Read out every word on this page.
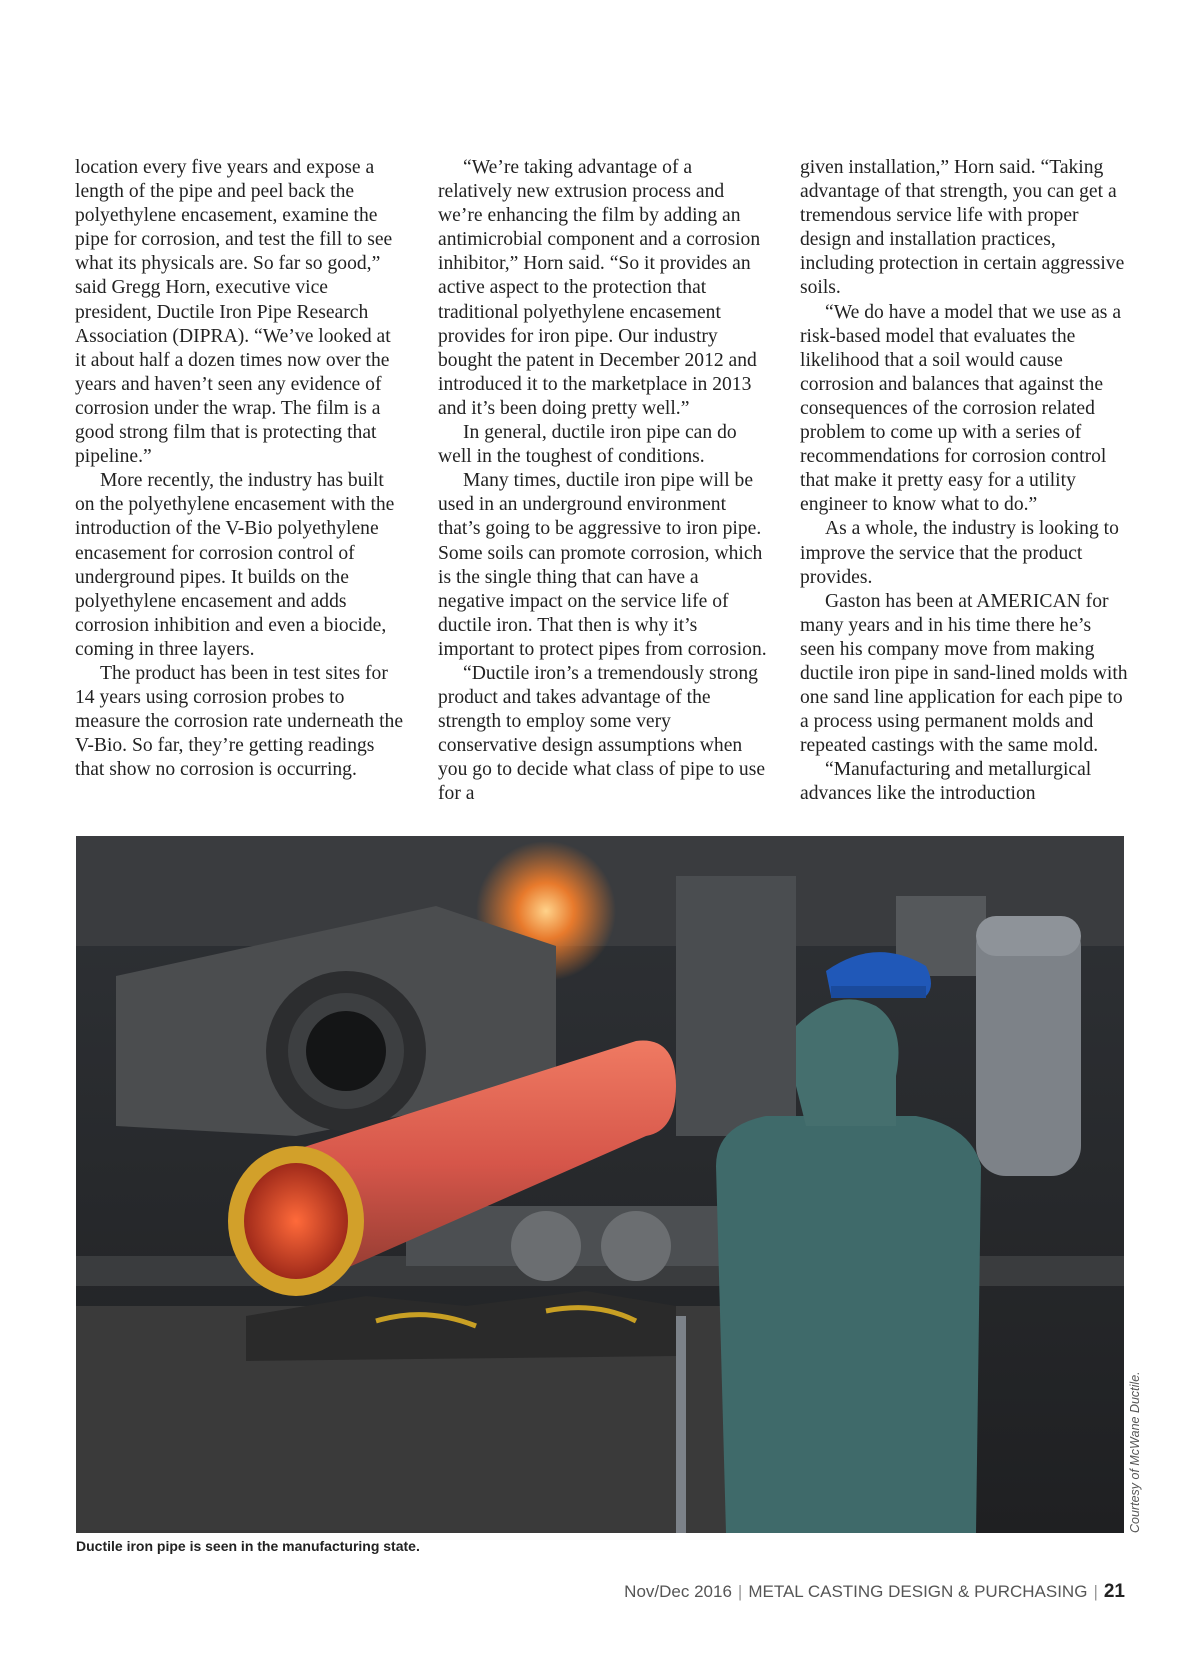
location every five years and expose a length of the pipe and peel back the polyethylene encasement, examine the pipe for corrosion, and test the fill to see what its physicals are. So far so good,” said Gregg Horn, executive vice president, Ductile Iron Pipe Research Association (DIPRA). “We’ve looked at it about half a dozen times now over the years and haven’t seen any evidence of corrosion under the wrap. The film is a good strong film that is protecting that pipeline.”

More recently, the industry has built on the polyethylene encasement with the introduction of the V-Bio polyethylene encasement for corrosion control of underground pipes. It builds on the polyethylene encasement and adds corrosion inhibition and even a biocide, coming in three layers.

The product has been in test sites for 14 years using corrosion probes to measure the corrosion rate underneath the V-Bio. So far, they’re getting readings that show no corrosion is occurring.

“We’re taking advantage of a relatively new extrusion process and we’re enhancing the film by adding an antimicrobial component and a corrosion inhibitor,” Horn said. “So it provides an active aspect to the protection that traditional polyethylene encasement provides for iron pipe. Our industry bought the patent in December 2012 and introduced it to the marketplace in 2013 and it’s been doing pretty well.”

In general, ductile iron pipe can do well in the toughest of conditions.

Many times, ductile iron pipe will be used in an underground environment that’s going to be aggressive to iron pipe. Some soils can promote corrosion, which is the single thing that can have a negative impact on the service life of ductile iron. That then is why it’s important to protect pipes from corrosion.

“Ductile iron’s a tremendously strong product and takes advantage of the strength to employ some very conservative design assumptions when you go to decide what class of pipe to use for a

given installation,” Horn said. “Taking advantage of that strength, you can get a tremendous service life with proper design and installation practices, including protection in certain aggressive soils.

“We do have a model that we use as a risk-based model that evaluates the likelihood that a soil would cause corrosion and balances that against the consequences of the corrosion related problem to come up with a series of recommendations for corrosion control that make it pretty easy for a utility engineer to know what to do.”

As a whole, the industry is looking to improve the service that the product provides.

Gaston has been at AMERICAN for many years and in his time there he’s seen his company move from making ductile iron pipe in sand-lined molds with one sand line application for each pipe to a process using permanent molds and repeated castings with the same mold.

“Manufacturing and metallurgical advances like the introduction

Courtesy of McWane Ductile.
Ductile iron pipe is seen in the manufacturing state.
Nov/Dec 2016 | METAL CASTING DESIGN & PURCHASING | 21
